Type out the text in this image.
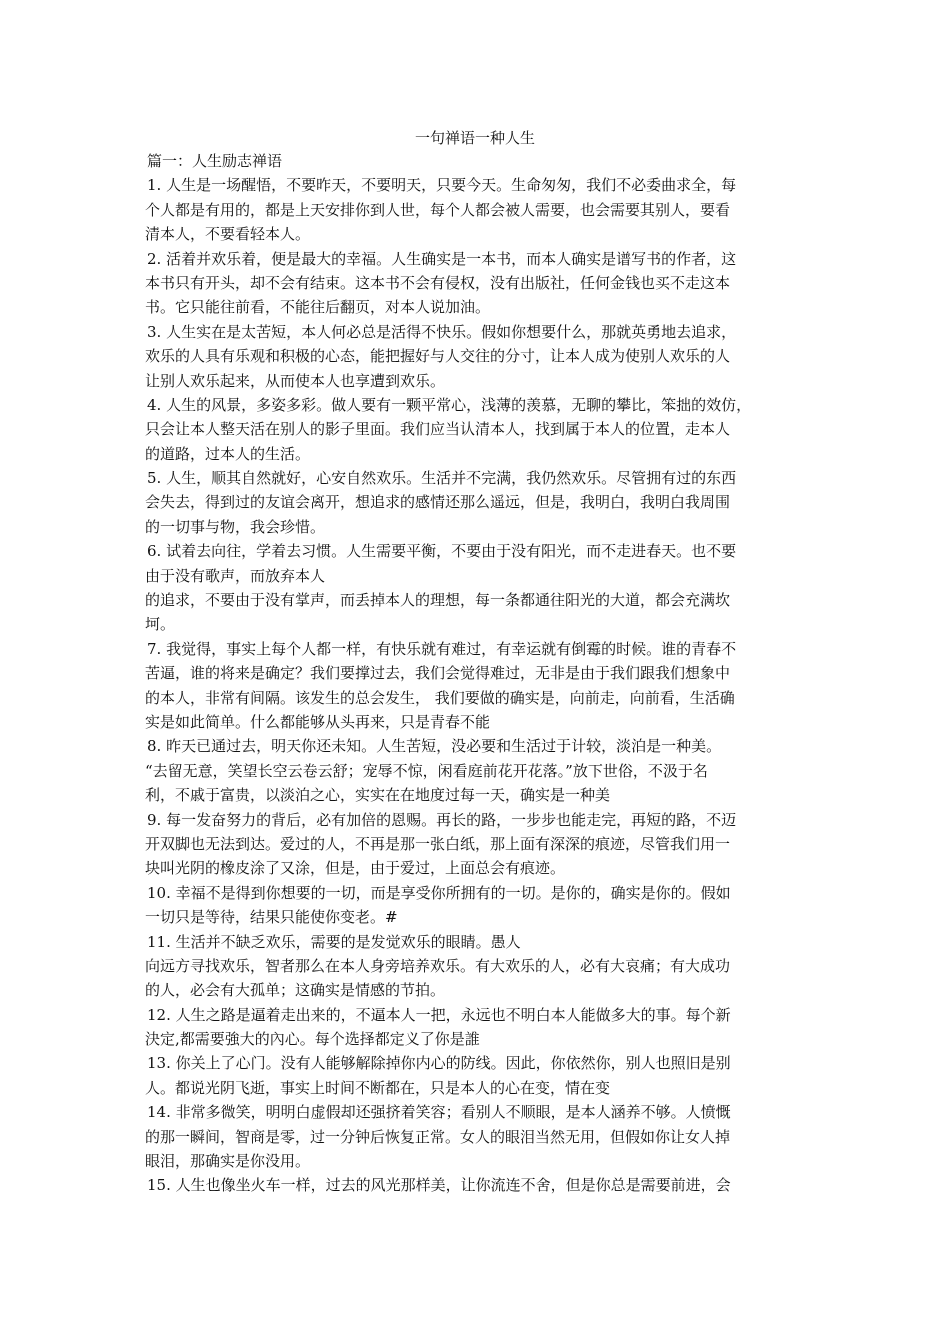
一句禅语一种人生
篇一：人生励志禅语
1. 人生是一场醒悟，不要昨天，不要明天，只要今天。生命匆匆，我们不必委曲求全，每
个人都是有用的，都是上天安排你到人世，每个人都会被人需要，也会需要其别人，要看
清本人，不要看轻本人。
2. 活着并欢乐着，便是最大的幸福。人生确实是一本书，而本人确实是谱写书的作者，这
本书只有开头，却不会有结束。这本书不会有侵权，没有出版社，任何金钱也买不走这本
书。它只能往前看，不能往后翻页，对本人说加油。
3. 人生实在是太苦短，本人何必总是活得不快乐。假如你想要什么，那就英勇地去追求，
欢乐的人具有乐观和积极的心态，能把握好与人交往的分寸，让本人成为使别人欢乐的人
让别人欢乐起来，从而使本人也享遭到欢乐。
4. 人生的风景，多姿多彩。做人要有一颗平常心，浅薄的羡慕，无聊的攀比，笨拙的效仿，
只会让本人整天活在别人的影子里面。我们应当认清本人，找到属于本人的位置，走本人
的道路，过本人的生活。
5. 人生，顺其自然就好，心安自然欢乐。生活并不完满，我仍然欢乐。尽管拥有过的东西
会失去，得到过的友谊会离开，想追求的感情还那么遥远，但是，我明白，我明白我周围
的一切事与物，我会珍惜。
6. 试着去向往，学着去习惯。人生需要平衡，不要由于没有阳光，而不走进春天。也不要
由于没有歌声，而放弃本人
的追求，不要由于没有掌声，而丢掉本人的理想，每一条都通往阳光的大道，都会充满坎
坷。
7. 我觉得，事实上每个人都一样，有快乐就有难过，有幸运就有倒霉的时候。谁的青春不
苦逼，谁的将来是确定？我们要撑过去，我们会觉得难过，无非是由于我们跟我们想象中
的本人，非常有间隔。该发生的总会发生， 我们要做的确实是，向前走，向前看，生活确
实是如此简单。什么都能够从头再来，只是青春不能
8. 昨天已通过去，明天你还未知。人生苦短，没必要和生活过于计较，淡泊是一种美。
“去留无意，笑望长空云卷云舒；宠辱不惊，闲看庭前花开花落。”放下世俗，不汲于名
利，不戚于富贵，以淡泊之心，实实在在地度过每一天，确实是一种美
9. 每一发奋努力的背后，必有加倍的恩赐。再长的路，一步步也能走完，再短的路，不迈
开双脚也无法到达。爱过的人，不再是那一张白纸，那上面有深深的痕迹，尽管我们用一
块叫光阴的橡皮涂了又涂，但是，由于爱过，上面总会有痕迹。
10. 幸福不是得到你想要的一切，而是享受你所拥有的一切。是你的，确实是你的。假如
一切只是等待，结果只能使你变老。#
11. 生活并不缺乏欢乐，需要的是发觉欢乐的眼睛。愚人
向远方寻找欢乐，智者那么在本人身旁培养欢乐。有大欢乐的人，必有大哀痛；有大成功
的人，必会有大孤单；这确实是情感的节拍。
12. 人生之路是逼着走出来的，不逼本人一把，永远也不明白本人能做多大的事。每个新
決定,都需要強大的內心。每个选择都定义了你是誰
13. 你关上了心门。没有人能够解除掉你内心的防线。因此，你依然你，别人也照旧是别
人。都说光阴飞逝，事实上时间不断都在，只是本人的心在变，情在变
14. 非常多微笑，明明白虚假却还强挤着笑容；看别人不顺眼，是本人涵养不够。人愤慨
的那一瞬间，智商是零，过一分钟后恢复正常。女人的眼泪当然无用，但假如你让女人掉
眼泪，那确实是你没用。
15. 人生也像坐火车一样，过去的风光那样美，让你流连不舍，但是你总是需要前进，会
